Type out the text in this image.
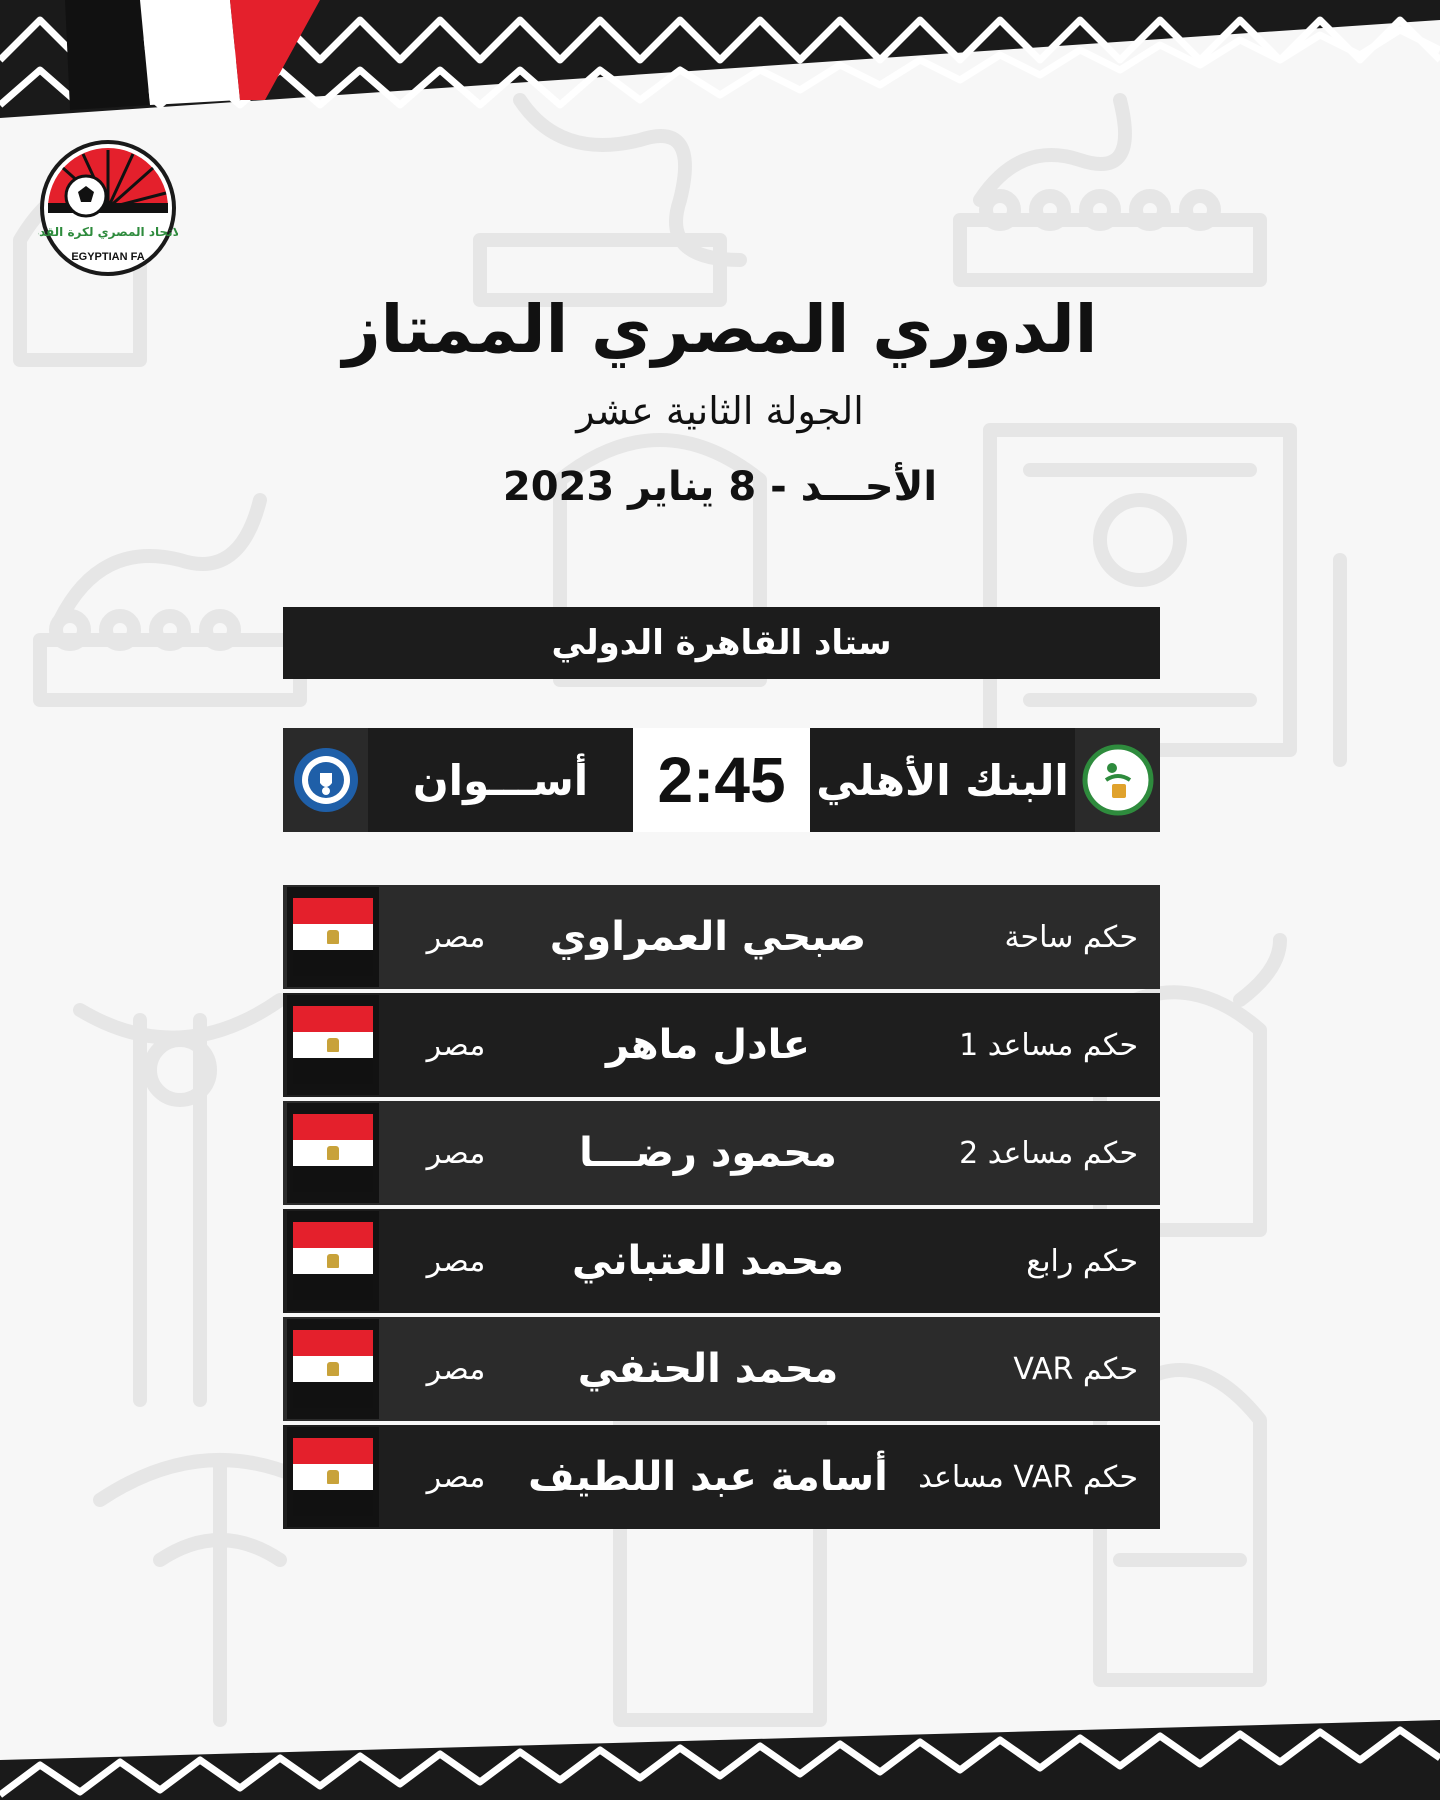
الاتحاد المصري لكرة القدم
EGYPTIAN FA
الدوري المصري الممتاز
الجولة الثانية عشر
الأحـــد - 8 يناير 2023
ستاد القاهرة الدولي
أســـوان 2:45 البنك الأهلي
مصر	صبحي العمراوي	حكم ساحة
مصر	عادل ماهر	حكم مساعد 1
مصر	محمود رضـــا	حكم مساعد 2
مصر	محمد العتباني	حكم رابع
مصر	محمد الحنفي	حكم VAR
مصر	أسامة عبد اللطيف	حكم VAR مساعد
